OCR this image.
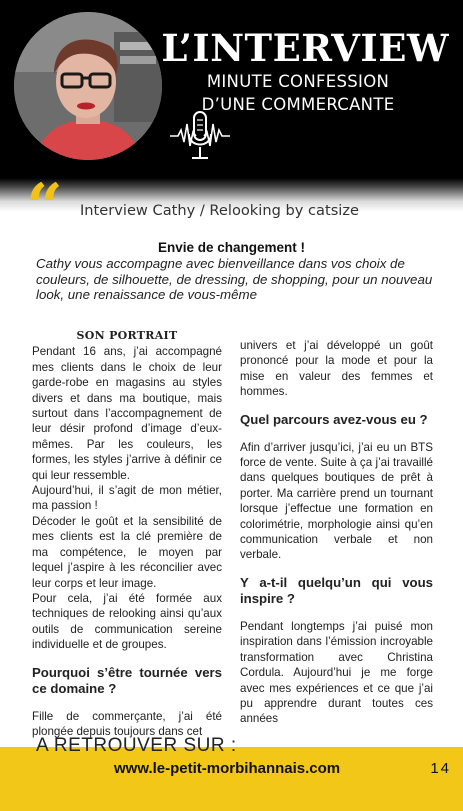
L’INTERVIEW
MINUTE CONFESSION
D’UNE COMMERCANTE
“ Interview Cathy / Relooking by catsize
Envie de changement !
Cathy vous accompagne avec bienveillance dans vos choix de couleurs, de silhouette, de dressing, de shopping, pour un nouveau look, une renaissance de vous-même
SON PORTRAIT

Pendant 16 ans, j’ai accompagné mes clients dans le choix de leur garde-robe en magasins au styles divers et dans ma boutique, mais surtout dans l’accompagnement de leur désir profond d’image d’eux-mêmes. Par les couleurs, les formes, les styles j’arrive à définir ce qui leur ressemble.

Aujourd’hui, il s’agit de mon métier, ma passion !

Décoder le goût et la sensibilité de mes clients est la clé première de ma compétence, le moyen par lequel j’aspire à les réconcilier avec leur corps et leur image.

Pour cela, j’ai été formée aux techniques de relooking ainsi qu’aux outils de communication sereine individuelle et de groupes.

Pourquoi s’être tournée vers ce domaine ?

Fille de commerçante, j’ai été plongée depuis toujours dans cet

univers et j’ai développé un goût prononcé pour la mode et pour la mise en valeur des femmes et hommes.

Quel parcours avez-vous eu ?

Afin d’arriver jusqu’ici, j’ai eu un BTS force de vente. Suite à ça j’ai travaillé dans quelques boutiques de prêt à porter. Ma carrière prend un tournant lorsque j’effectue une formation en colorimétrie, morphologie ainsi qu’en communication verbale et non verbale.

Y a-t-il quelqu’un qui vous inspire ?

Pendant longtemps j’ai puisé mon inspiration dans l’émission incroyable transformation avec Christina Cordula. Aujourd’hui je me forge avec mes expériences et ce que j’ai pu apprendre durant toutes ces années

A RETROUVER SUR :
www.le-petit-morbihannais.com	14
